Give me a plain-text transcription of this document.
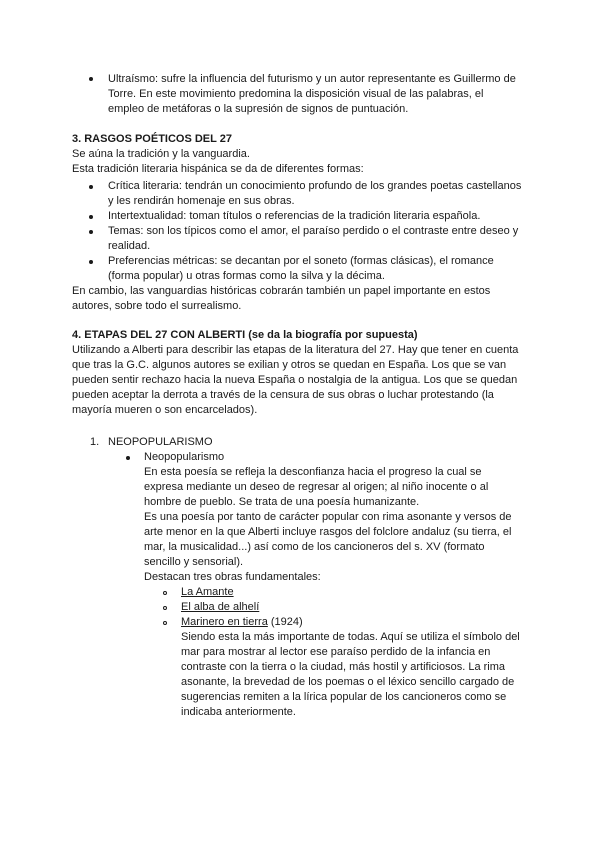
Ultraísmo: sufre la influencia del futurismo y un autor representante es Guillermo de

Torre. En este movimiento predomina la disposición visual de las palabras, el

empleo de metáforas o la supresión de signos de puntuación.

3. RASGOS POÉTICOS DEL 27

Se aúna la tradición y la vanguardia.

Esta tradición literaria hispánica se da de diferentes formas:

Crítica literaria: tendrán un conocimiento profundo de los grandes poetas castellanos

y les rendirán homenaje en sus obras.

Intertextualidad: toman títulos o referencias de la tradición literaria española.

Temas: son los típicos como el amor, el paraíso perdido o el contraste entre deseo y

realidad.

Preferencias métricas: se decantan por el soneto (formas clásicas), el romance

(forma popular) u otras formas como la silva y la décima.

En cambio, las vanguardias históricas cobrarán también un papel importante en estos

autores, sobre todo el surrealismo.

4. ETAPAS DEL 27 CON ALBERTI (se da la biografía por supuesta)

Utilizando a Alberti para describir las etapas de la literatura del 27. Hay que tener en cuenta

que tras la G.C. algunos autores se exilian y otros se quedan en España. Los que se van

pueden sentir rechazo hacia la nueva España o nostalgia de la antigua. Los que se quedan

pueden aceptar la derrota a través de la censura de sus obras o luchar protestando (la

mayoría mueren o son encarcelados).

1. NEOPOPULARISMO
Neopopularismo

En esta poesía se refleja la desconfianza hacia el progreso la cual se

expresa mediante un deseo de regresar al origen; al niño inocente o al

hombre de pueblo. Se trata de una poesía humanizante.

Es una poesía por tanto de carácter popular con rima asonante y versos de

arte menor en la que Alberti incluye rasgos del folclore andaluz (su tierra, el

mar, la musicalidad...) así como de los cancioneros del s. XV (formato

sencillo y sensorial).

Destacan tres obras fundamentales:

La Amante
El alba de alhelí
Marinero en tierra (1924)

Siendo esta la más importante de todas. Aquí se utiliza el símbolo del

mar para mostrar al lector ese paraíso perdido de la infancia en

contraste con la tierra o la ciudad, más hostil y artificiosos. La rima

asonante, la brevedad de los poemas o el léxico sencillo cargado de

sugerencias remiten a la lírica popular de los cancioneros como se

indicaba anteriormente.
